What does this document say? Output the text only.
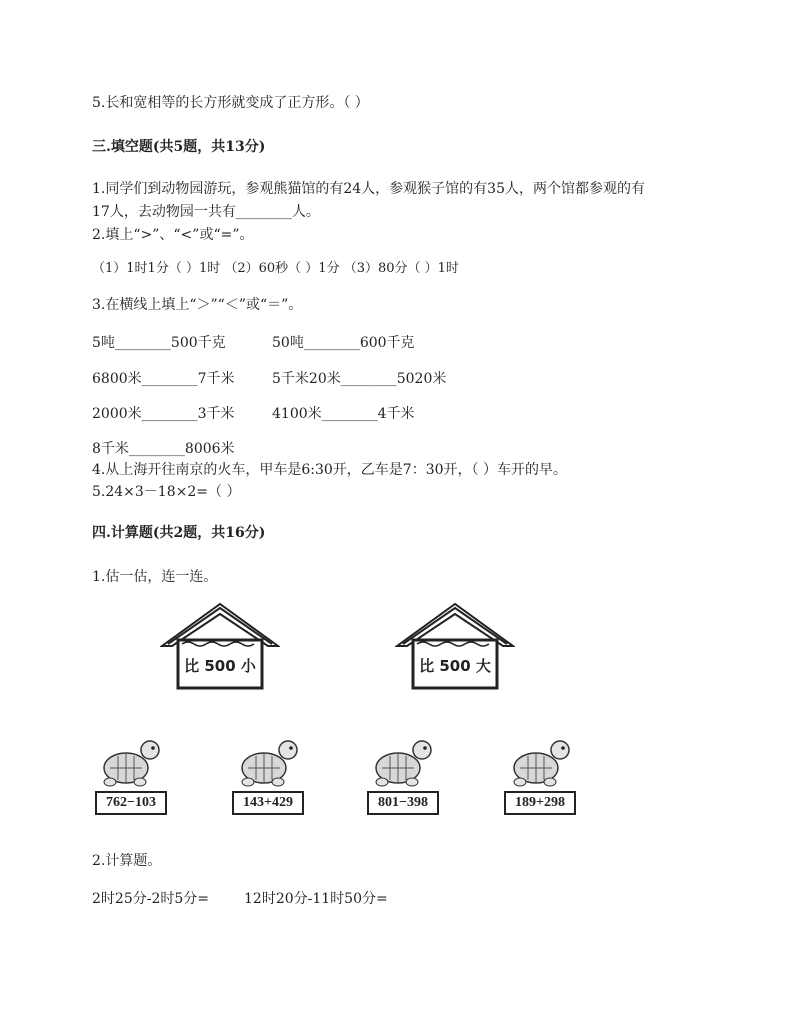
5.长和宽相等的长方形就变成了正方形。（ ）
三.填空题(共5题，共13分)
1.同学们到动物园游玩，参观熊猫馆的有24人，参观猴子馆的有35人，两个馆都参观的有
17人，去动物园一共有________人。
2.填上“>”、“<”或“=”。
（1）1时1分（ ）1时 （2）60秒（ ）1分 （3）80分（ ）1时
3.在横线上填上“＞”“＜”或“＝”。
5吨________500千克	50吨________600千克
6800米________7千米	5千米20米________5020米
2000米________3千米	4100米________4千米
8千米________8006米
4.从上海开往南京的火车，甲车是6:30开，乙车是7：30开，（ ）车开的早。
5.24×3－18×2=（ ）
四.计算题(共2题，共16分)
1.估一估，连一连。
比 500 小	比 500 大
762−103	143+429	801−398	189+298
2.计算题。
2时25分-2时5分=	12时20分-11时50分=
